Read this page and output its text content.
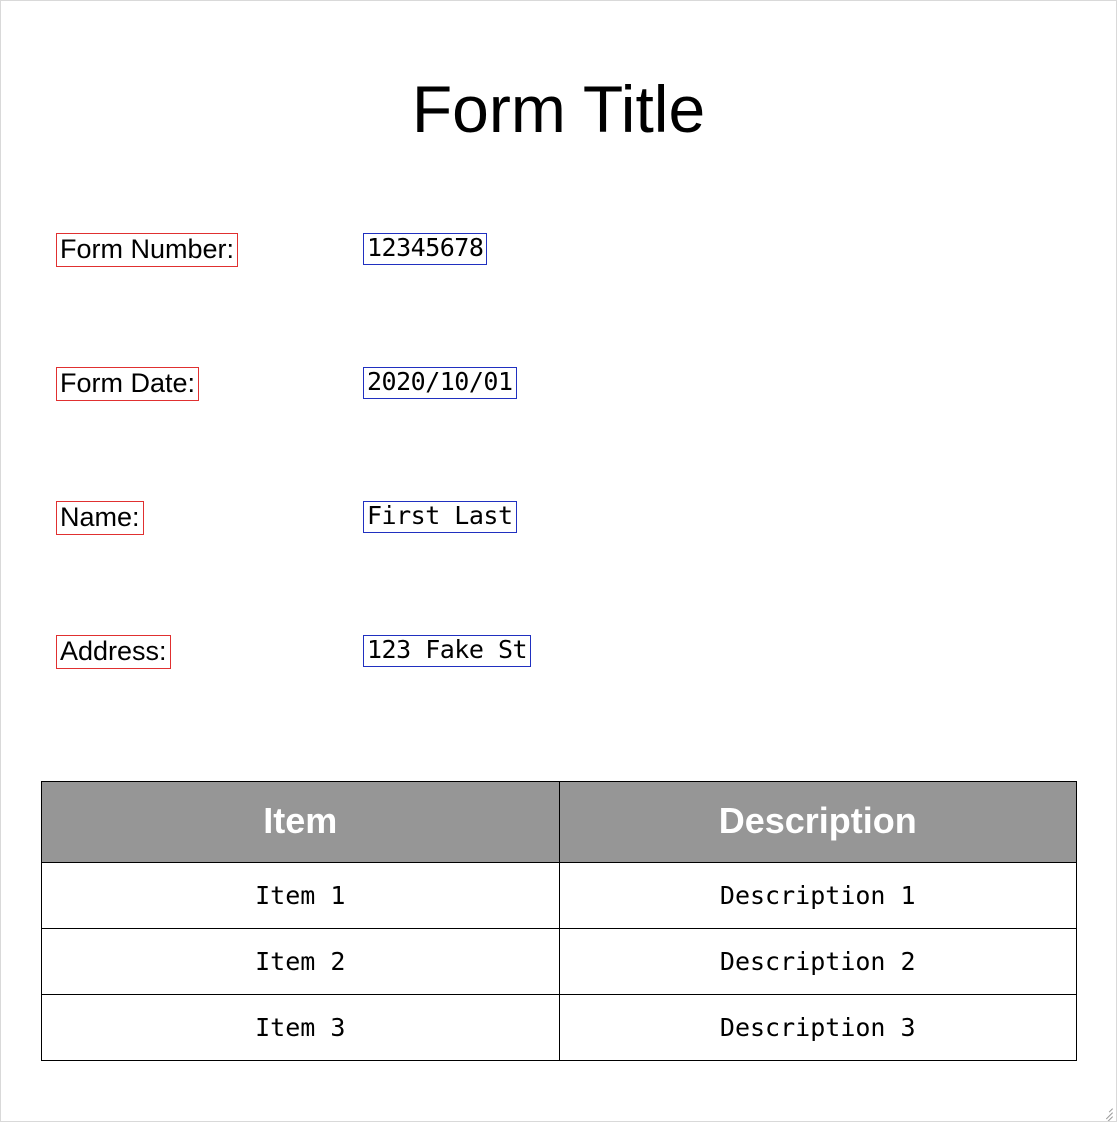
Form Title
Form Number:	12345678
Form Date:	2020/10/01
Name:	First Last
Address:	123 Fake St
Item	Description
Item 1	Description 1
Item 2	Description 2
Item 3	Description 3
